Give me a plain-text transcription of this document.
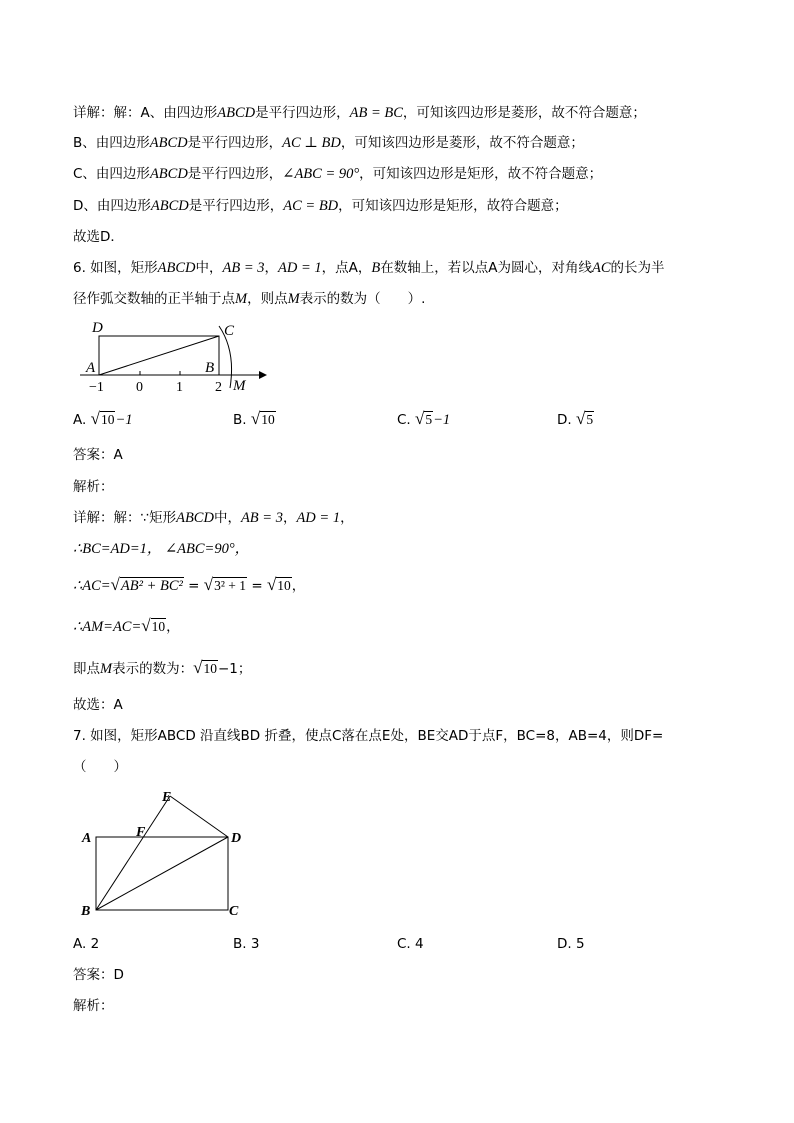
详解：解：A、由四边形ABCD是平行四边形，AB = BC，可知该四边形是菱形，故不符合题意；
B、由四边形ABCD是平行四边形，AC ⊥ BD，可知该四边形是菱形，故不符合题意；
C、由四边形ABCD是平行四边形，∠ABC = 90°，可知该四边形是矩形，故不符合题意；
D、由四边形ABCD是平行四边形，AC = BD，可知该四边形是矩形，故符合题意；
故选D．
6. 如图，矩形ABCD中，AB = 3，AD = 1，点A，B在数轴上，若以点A为圆心，对角线AC的长为半
径作弧交数轴的正半轴于点M，则点M表示的数为（　　）.
D	C
A	B
M
−1 0 1 2
A. √10−1	B. √10	C. √5−1	D. √5
答案：A
解析：
详解：解：∵矩形ABCD中，AB = 3，AD = 1，
∴BC=AD=1， ∠ABC=90°，
∴AC=√AB² + BC² = √3² + 1 = √10，
∴AM=AC=√10，
即点M表示的数为：√10−1；
故选：A
7. 如图，矩形ABCD 沿直线BD 折叠，使点C落在点E处，BE交AD于点F，BC=8，AB=4，则DF=
（　　）
E
A	F	D
B	C
A. 2	B. 3	C. 4	D. 5
答案：D
解析：
